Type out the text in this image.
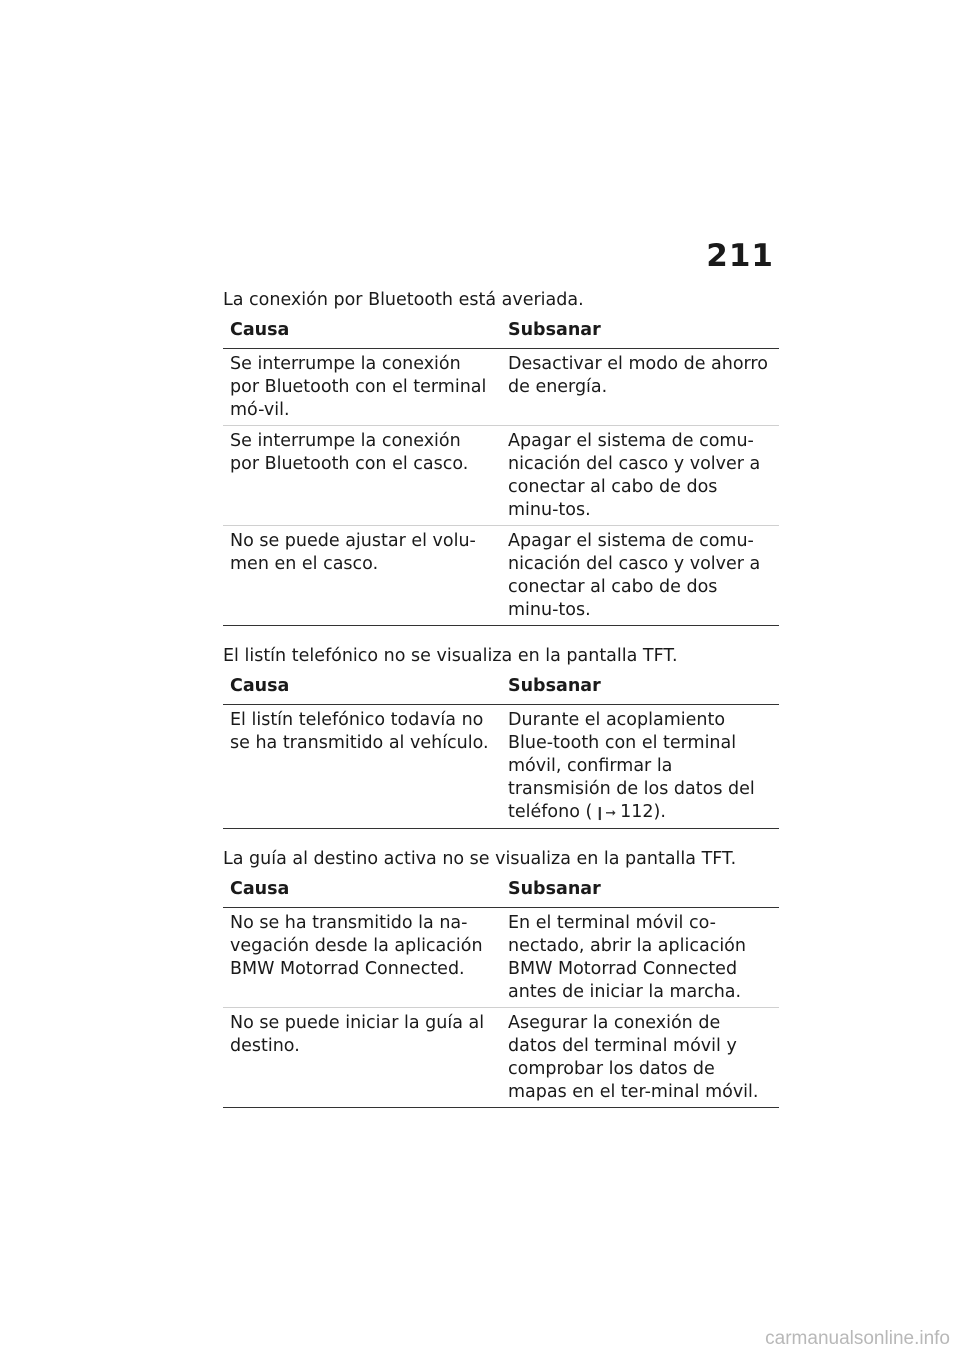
211

La conexión por Bluetooth está averiada.

Causa	Subsanar
Se interrumpe la conexión por Bluetooth con el terminal mó-vil.	Desactivar el modo de ahorro de energía.
Se interrumpe la conexión por Bluetooth con el casco.	Apagar el sistema de comu-nicación del casco y volver a conectar al cabo de dos minu-tos.
No se puede ajustar el volu-men en el casco.	Apagar el sistema de comu-nicación del casco y volver a conectar al cabo de dos minu-tos.

El listín telefónico no se visualiza en la pantalla TFT.

Causa	Subsanar
El listín telefónico todavía no se ha transmitido al vehículo.	Durante el acoplamiento Blue-tooth con el terminal móvil, confirmar la transmisión de los datos del teléfono ( ❙➞ 112).

La guía al destino activa no se visualiza en la pantalla TFT.

Causa	Subsanar
No se ha transmitido la na-vegación desde la aplicación BMW Motorrad Connected.	En el terminal móvil co-nectado, abrir la aplicación BMW Motorrad Connected antes de iniciar la marcha.
No se puede iniciar la guía al destino.	Asegurar la conexión de datos del terminal móvil y comprobar los datos de mapas en el ter-minal móvil.
carmanualsonline.info
